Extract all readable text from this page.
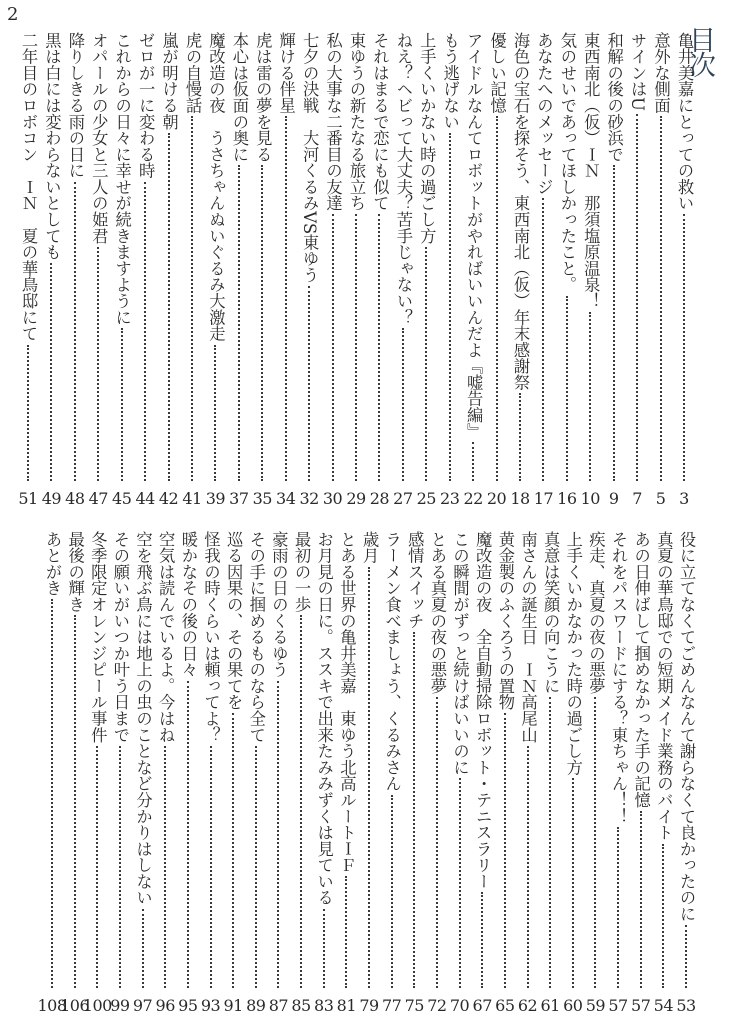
2
目次
亀井美嘉にとっての救い
3
意外な側面
5
サインはU
7
和解の後の砂浜で
9
東西南北（仮）ＩＮ　那須塩原温泉！
10
気のせいであってほしかったこと。
16
あなたへのメッセージ
17
海色の宝石を探そう、東西南北（仮）年末感謝祭
18
優しい記憶
20
アイドルなんてロボットがやればいいんだよ『嘘告編』
22
もう逃げない
23
上手くいかない時の過ごし方
25
ねえ？ヘビって大丈夫？苦手じゃない？
27
それはまるで恋にも似て
28
東ゆうの新たなる旅立ち
29
私の大事な二番目の友達
30
七夕の決戦　大河くるみVS東ゆう
32
輝ける伴星
34
虎は雷の夢を見る
35
本心は仮面の奥に
37
魔改造の夜　うさちゃんぬいぐるみ大激走
39
虎の自慢話
41
嵐が明ける朝
42
ゼロが一に変わる時
44
これからの日々に幸せが続きますように
45
オパールの少女と三人の姫君
47
降りしきる雨の日に
48
黒は白には変わらないとしても
49
二年目のロボコン　ＩＮ　夏の華鳥邸にて
51
役に立てなくてごめんなんて謝らなくて良かったのに
53
真夏の華鳥邸での短期メイド業務のバイト
54
あの日伸ばして掴めなかった手の記憶
57
それをパスワードにする？東ちゃん！！
57
疾走、真夏の夜の悪夢
59
上手くいかなかった時の過ごし方
60
真意は笑顔の向こうに
61
南さんの誕生日　ＩＮ高尾山
62
黄金製のふくろうの置物
65
魔改造の夜　全自動掃除ロボット・テニスラリー
67
この瞬間がずっと続けばいいのに
70
とある真夏の夜の悪夢
72
感情スイッチ
75
ラーメン食べましょう、くるみさん
77
歳月
79
とある世界の亀井美嘉　東ゆう北高ルートＩＦ
81
お月見の日に。ススキで出来たみみずくは見ている
83
最初の一歩
85
豪雨の日のくるゆう
87
その手に掴めるものなら全て
89
巡る因果の、その果てを
91
怪我の時くらいは頼ってよ？
93
暖かなその後の日々
95
空気は読んでいるよ。今はね
96
空を飛ぶ鳥には地上の虫のことなど分かりはしない
97
その願いがいつか叶う日まで
99
冬季限定オレンジピール事件
100
最後の輝き
106
あとがき
108
